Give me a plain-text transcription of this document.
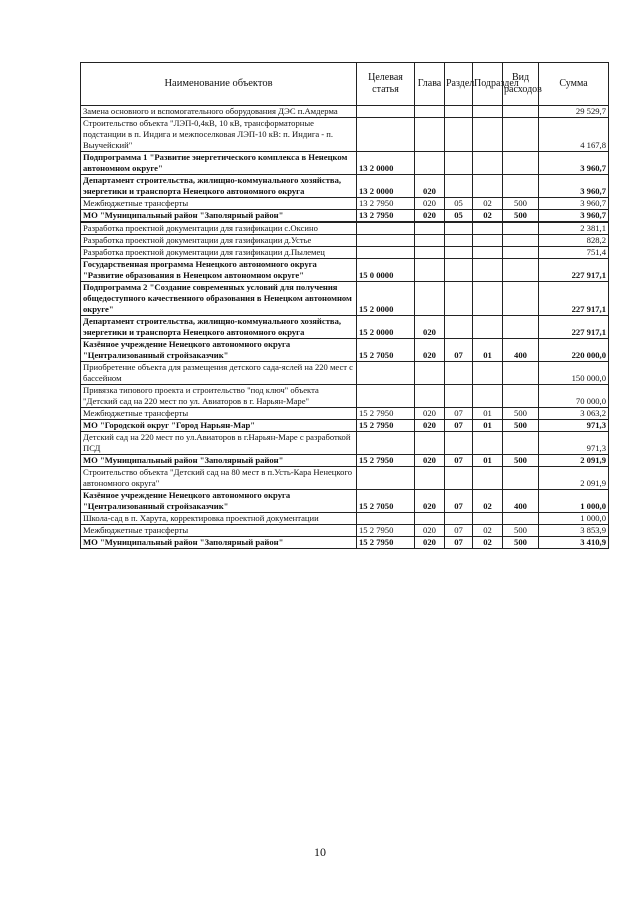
Наименование объектов	Целевая статья	Глава	Раздел	Подраздел	Вид расходов	Сумма
Замена основного и вспомогательного оборудования ДЭС п.Амдерма						29 529,7
Строительство объекта "ЛЭП-0,4кВ, 10 кВ, трансформаторные подстанции в п. Индига и межпоселковая ЛЭП-10 кВ: п. Индига - п. Выучейский"						4 167,8
Подпрограмма 1 "Развитие энергетического комплекса в Ненецком автономном округе"	13 2 0000					3 960,7
Департамент строительства, жилищно-коммунального хозяйства, энергетики и транспорта Ненецкого автономного округа	13 2 0000	020				3 960,7
Межбюджетные трансферты	13 2 7950	020	05	02	500	3 960,7
МО "Муниципальный район "Заполярный район"	13 2 7950	020	05	02	500	3 960,7
Разработка проектной документации для газификации с.Оксино						2 381,1
Разработка проектной документации для газификации д.Устье						828,2
Разработка проектной документации для газификации д.Пылемец						751,4
Государственная программа Ненецкого автономного округа "Развитие образования в Ненецком автономном округе"	15 0 0000					227 917,1
Подпрограмма 2 "Создание современных условий для получения общедоступного качественного образования в Ненецком автономном округе"	15 2 0000					227 917,1
Департамент строительства, жилищно-коммунального хозяйства, энергетики и транспорта Ненецкого автономного округа	15 2 0000	020				227 917,1
Казённое учреждение Ненецкого автономного округа "Централизованный стройзаказчик"	15 2 7050	020	07	01	400	220 000,0
Приобретение объекта для размещения детского сада-яслей на 220 мест с бассейном						150 000,0
Привязка типового проекта и строительство "под ключ" объекта "Детский сад на 220 мест по ул. Авиаторов в г. Нарьян-Маре"						70 000,0
Межбюджетные трансферты	15 2 7950	020	07	01	500	3 063,2
МО "Городской округ "Город Нарьян-Мар"	15 2 7950	020	07	01	500	971,3
Детский сад на 220 мест по ул.Авиаторов в г.Нарьян-Маре с разработкой ПСД						971,3
МО "Муниципальный район "Заполярный район"	15 2 7950	020	07	01	500	2 091,9
Строительство объекта "Детский сад на 80 мест в п.Усть-Кара Ненецкого автономного округа"						2 091,9
Казённое учреждение Ненецкого автономного округа "Централизованный стройзаказчик"	15 2 7050	020	07	02	400	1 000,0
Школа-сад в п. Харута, корректировка проектной документации						1 000,0
Межбюджетные трансферты	15 2 7950	020	07	02	500	3 853,9
МО "Муниципальный район "Заполярный район"	15 2 7950	020	07	02	500	3 410,9
10
